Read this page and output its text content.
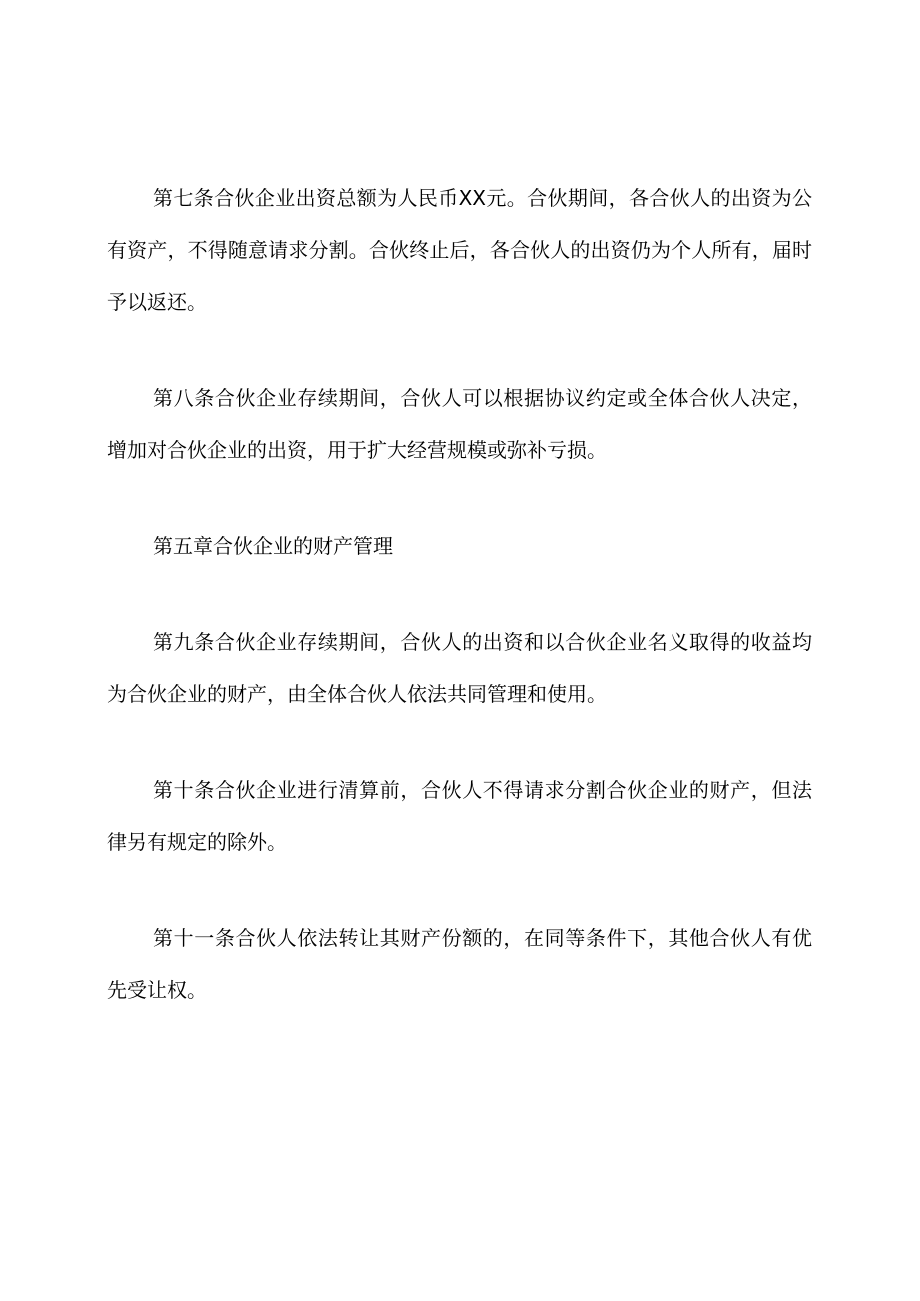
第七条合伙企业出资总额为人民币XX元。合伙期间，各合伙人的出资为公有资产，不得随意请求分割。合伙终止后，各合伙人的出资仍为个人所有，届时予以返还。

第八条合伙企业存续期间，合伙人可以根据协议约定或全体合伙人决定，增加对合伙企业的出资，用于扩大经营规模或弥补亏损。

第五章合伙企业的财产管理

第九条合伙企业存续期间，合伙人的出资和以合伙企业名义取得的收益均为合伙企业的财产，由全体合伙人依法共同管理和使用。

第十条合伙企业进行清算前，合伙人不得请求分割合伙企业的财产，但法律另有规定的除外。

第十一条合伙人依法转让其财产份额的，在同等条件下，其他合伙人有优先受让权。
